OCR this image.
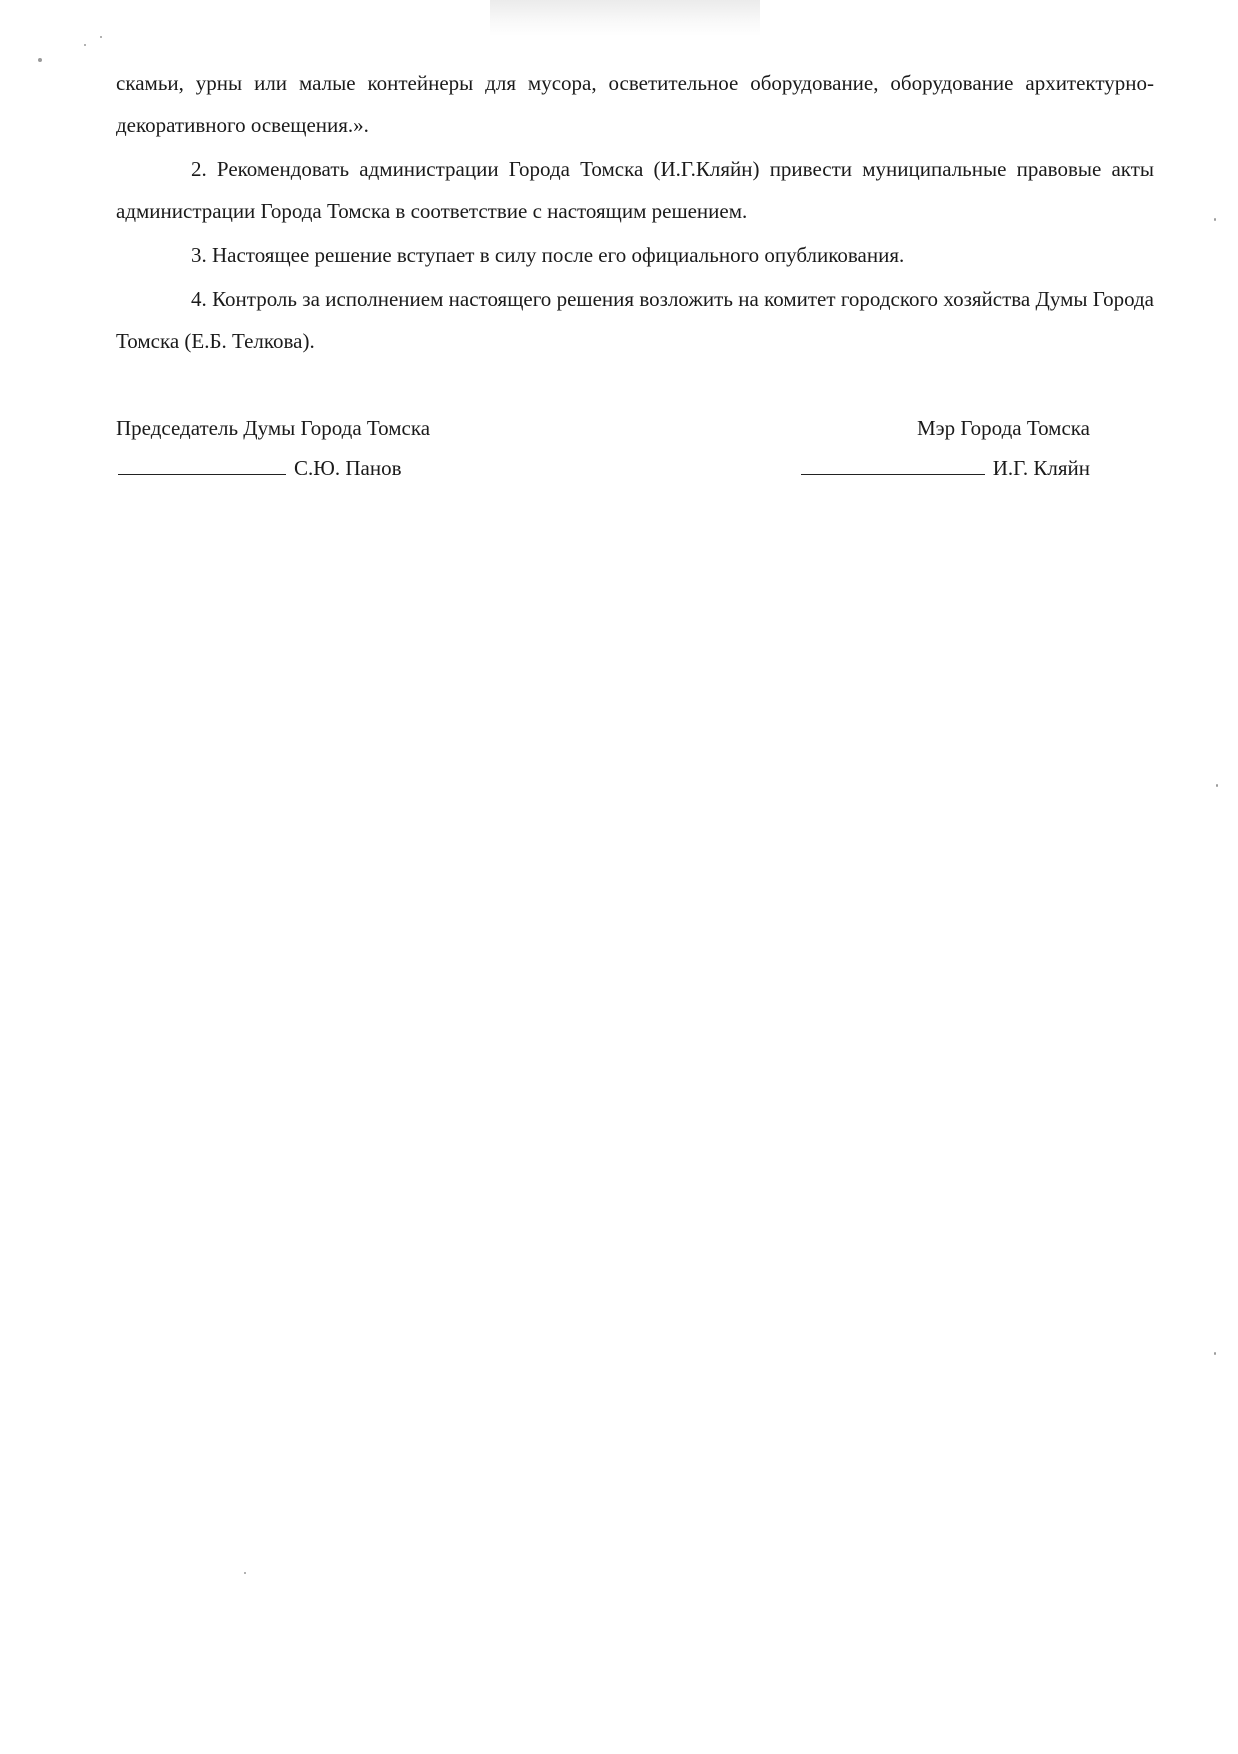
скамьи, урны или малые контейнеры для мусора, осветительное оборудование, оборудование архитектурно-декоративного освещения.».

2. Рекомендовать администрации Города Томска (И.Г.Кляйн) привести муниципальные правовые акты администрации Города Томска в соответствие с настоящим решением.

3. Настоящее решение вступает в силу после его официального опубликования.

4. Контроль за исполнением настоящего решения возложить на комитет городского хозяйства Думы Города Томска (Е.Б. Телкова).

Председатель Думы Города Томска
С.Ю. Панов
Мэр Города Томска
И.Г. Кляйн
